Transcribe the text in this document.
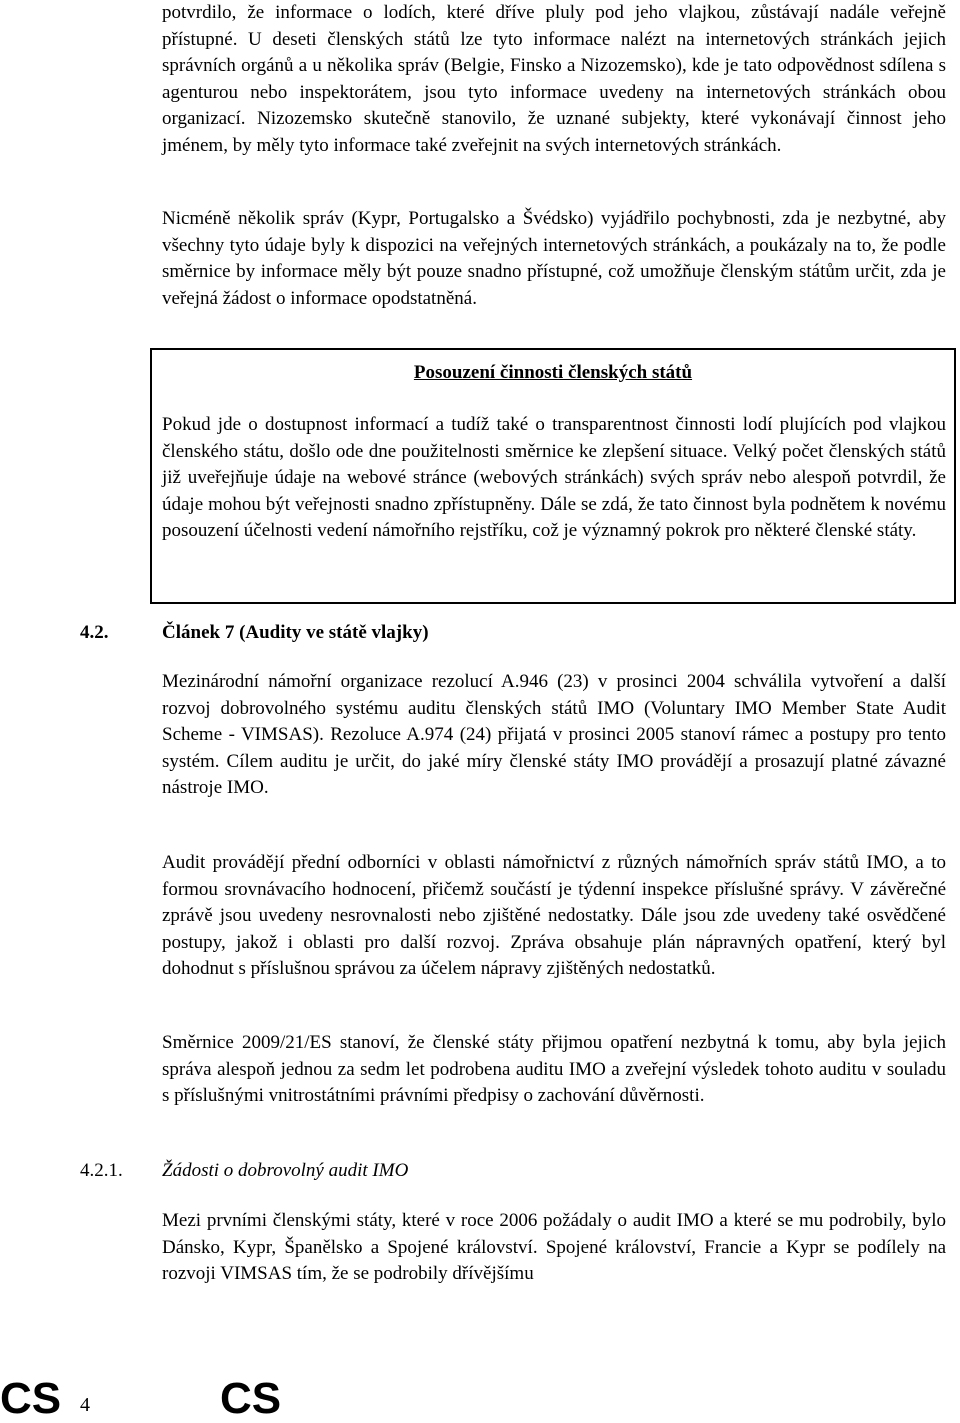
potvrdilo, že informace o lodích, které dříve pluly pod jeho vlajkou, zůstávají nadále veřejně přístupné. U deseti členských států lze tyto informace nalézt na internetových stránkách jejich správních orgánů a u několika správ (Belgie, Finsko a Nizozemsko), kde je tato odpovědnost sdílena s agenturou nebo inspektorátem, jsou tyto informace uvedeny na internetových stránkách obou organizací. Nizozemsko skutečně stanovilo, že uznané subjekty, které vykonávají činnost jeho jménem, by měly tyto informace také zveřejnit na svých internetových stránkách.

Nicméně několik správ (Kypr, Portugalsko a Švédsko) vyjádřilo pochybnosti, zda je nezbytné, aby všechny tyto údaje byly k dispozici na veřejných internetových stránkách, a poukázaly na to, že podle směrnice by informace měly být pouze snadno přístupné, což umožňuje členským státům určit, zda je veřejná žádost o informace opodstatněná.

Posouzení činnosti členských států

Pokud jde o dostupnost informací a tudíž také o transparentnost činnosti lodí plujících pod vlajkou členského státu, došlo ode dne použitelnosti směrnice ke zlepšení situace. Velký počet členských států již uveřejňuje údaje na webové stránce (webových stránkách) svých správ nebo alespoň potvrdil, že údaje mohou být veřejnosti snadno zpřístupněny. Dále se zdá, že tato činnost byla podnětem k novému posouzení účelnosti vedení námořního rejstříku, což je významný pokrok pro některé členské státy.

4.2.	Článek 7 (Audity ve státě vlajky)

Mezinárodní námořní organizace rezolucí A.946 (23) v prosinci 2004 schválila vytvoření a další rozvoj dobrovolného systému auditu členských států IMO (Voluntary IMO Member State Audit Scheme - VIMSAS). Rezoluce A.974 (24) přijatá v prosinci 2005 stanoví rámec a postupy pro tento systém. Cílem auditu je určit, do jaké míry členské státy IMO provádějí a prosazují platné závazné nástroje IMO.

Audit provádějí přední odborníci v oblasti námořnictví z různých námořních správ států IMO, a to formou srovnávacího hodnocení, přičemž součástí je týdenní inspekce příslušné správy. V závěrečné zprávě jsou uvedeny nesrovnalosti nebo zjištěné nedostatky. Dále jsou zde uvedeny také osvědčené postupy, jakož i oblasti pro další rozvoj. Zpráva obsahuje plán nápravných opatření, který byl dohodnut s příslušnou správou za účelem nápravy zjištěných nedostatků.

Směrnice 2009/21/ES stanoví, že členské státy přijmou opatření nezbytná k tomu, aby byla jejich správa alespoň jednou za sedm let podrobena auditu IMO a zveřejní výsledek tohoto auditu v souladu s příslušnými vnitrostátními právními předpisy o zachování důvěrnosti.

4.2.1. Žádosti o dobrovolný audit IMO

Mezi prvními členskými státy, které v roce 2006 požádaly o audit IMO a které se mu podrobily, bylo Dánsko, Kypr, Španělsko a Spojené království. Spojené království, Francie a Kypr se podílely na rozvoji VIMSAS tím, že se podrobily dřívějšímu

CS 4	CS
